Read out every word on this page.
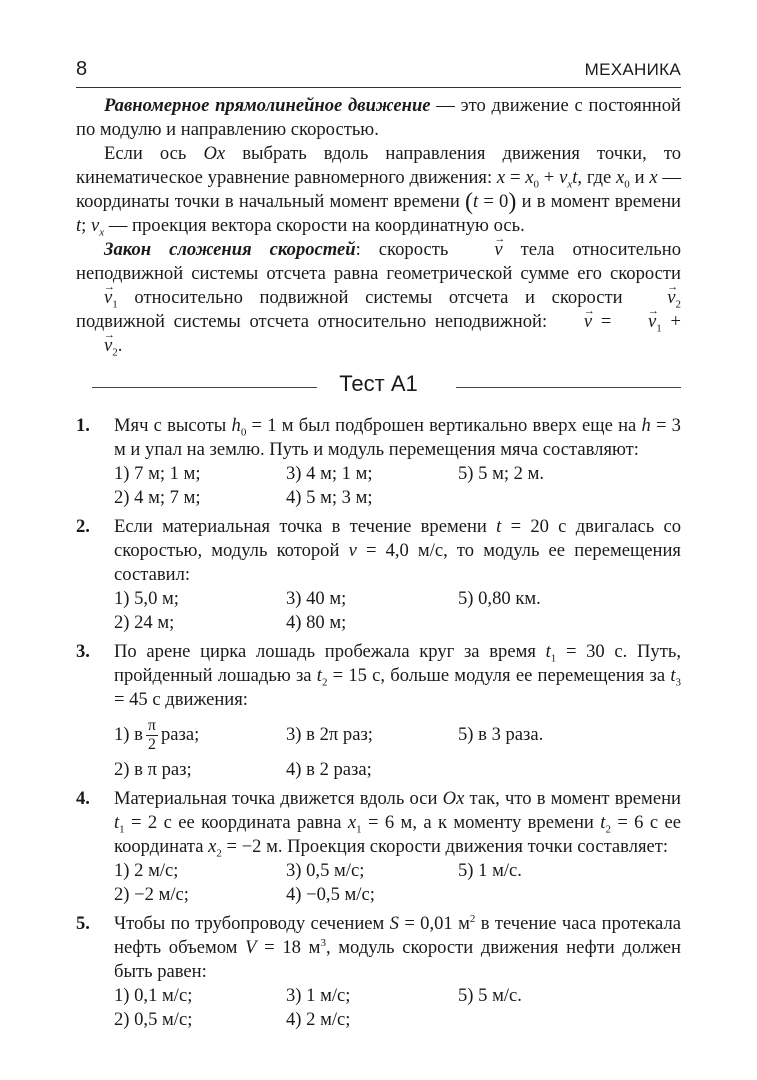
8	МЕХАНИКА

Равномерное прямолинейное движение — это движение с постоянной по модулю и направлению скоростью.

Если ось Ox выбрать вдоль направления движения точки, то кинематическое уравнение равномерного движения: $x = x_0 + v_xt$, где $x_0$ и x — координаты точки в начальный момент времени (t = 0) и в момент времени t; $v_x$ — проекция вектора скорости на координатную ось.

Закон сложения скоростей: скорость → v тела относительно неподвижной системы отсчета равна геометрической сумме его скорости → $v_1$ относительно подвижной системы отсчета и скорости → $v_2$ подвижной системы отсчета относительно неподвижной: → v = → $v_1$ + → $v_2$.

Тест А1
1. Мяч с высоты $h_0 = 1$ м был подброшен вертикально вверх еще на h = 3 м и упал на землю. Путь и модуль перемещения мяча составляют:

1) 7 м; 1 м;	3) 4 м; 1 м;	5) 5 м; 2 м.
2) 4 м; 7 м;	4) 5 м; 3 м;
2. Если материальная точка в течение времени t = 20 с двигалась со скоростью, модуль которой v = 4,0 м/с, то модуль ее перемещения составил:

1) 5,0 м;	3) 40 м;	5) 0,80 км.
2) 24 м;	4) 80 м;
3. По арене цирка лошадь пробежала круг за время $t_1 = 30$ с. Путь, пройденный лошадью за $t_2 = 15$ с, больше модуля ее перемещения за $t_3 = 45$ с движения:

1) в $\frac{\pi}{2}$ раза;	3) в 2π раз;	5) в 3 раза.
2) в π раз;	4) в 2 раза;
4. Материальная точка движется вдоль оси Ox так, что в момент времени $t_1 = 2$ с ее координата равна $x_1 = 6$ м, а к моменту времени $t_2 = 6$ с ее координата $x_2 = -2$ м. Проекция скорости движения точки составляет:

1) 2 м/с;	3) 0,5 м/с;	5) 1 м/с.
2) −2 м/с;	4) −0,5 м/с;
5. Чтобы по трубопроводу сечением S = 0,01 $м^2$ в течение часа протекала нефть объемом V = 18 $м^3$, модуль скорости движения нефти должен быть равен:

1) 0,1 м/с;	3) 1 м/с;	5) 5 м/с.
2) 0,5 м/с;	4) 2 м/с;
